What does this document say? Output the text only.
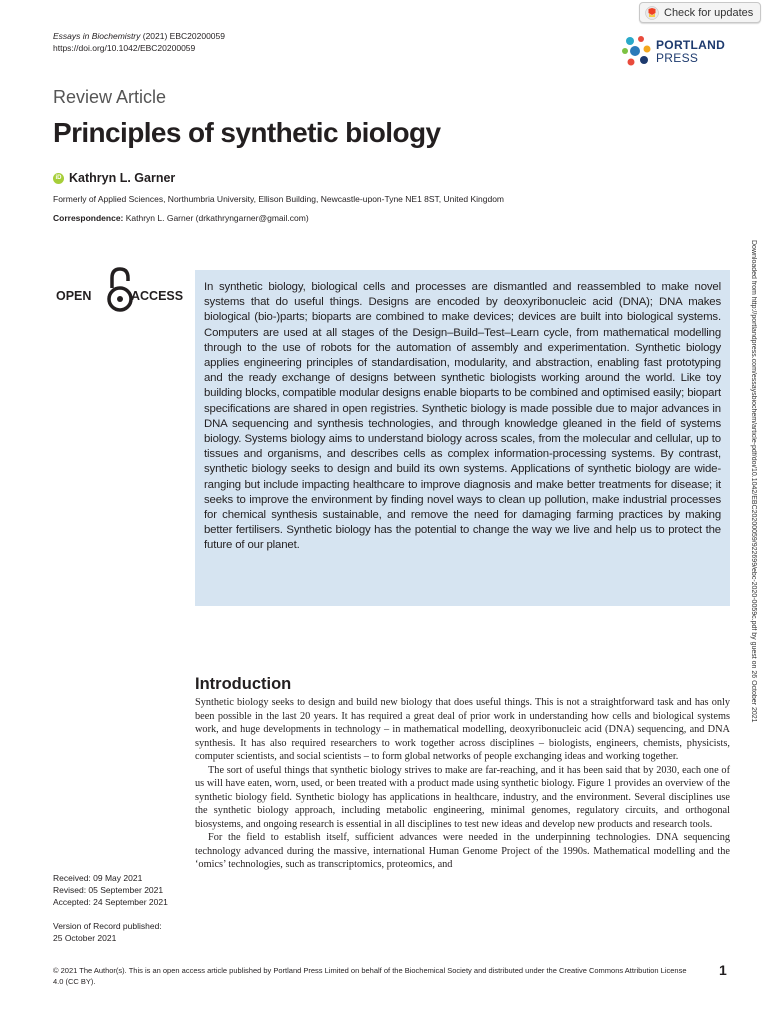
Essays in Biochemistry (2021) EBC20200059
https://doi.org/10.1042/EBC20200059
Check for updates
PORTLAND
PRESS
Review Article
Principles of synthetic biology
iD Kathryn L. Garner
Formerly of Applied Sciences, Northumbria University, Ellison Building, Newcastle-upon-Tyne NE1 8ST, United Kingdom
Correspondence: Kathryn L. Garner (drkathryngarner@gmail.com)
OPEN	ACCESS
In synthetic biology, biological cells and processes are dismantled and reassembled to make novel systems that do useful things. Designs are encoded by deoxyribonucleic acid (DNA); DNA makes biological (bio-)parts; bioparts are combined to make devices; devices are built into biological systems. Computers are used at all stages of the Design–Build–Test–Learn cycle, from mathematical modelling through to the use of robots for the automation of assembly and experimentation. Synthetic biology applies engineering principles of standardisation, modularity, and abstraction, enabling fast prototyping and the ready exchange of designs between synthetic biologists working around the world. Like toy building blocks, compatible modular designs enable bioparts to be combined and optimised easily; biopart specifications are shared in open registries. Synthetic biology is made possible due to major advances in DNA sequencing and synthesis technologies, and through knowledge gleaned in the field of systems biology. Systems biology aims to understand biology across scales, from the molecular and cellular, up to tissues and organisms, and describes cells as complex information-processing systems. By contrast, synthetic biology seeks to design and build its own systems. Applications of synthetic biology are wide-ranging but include impacting healthcare to improve diagnosis and make better treatments for disease; it seeks to improve the environment by finding novel ways to clean up pollution, make industrial processes for chemical synthesis sustainable, and remove the need for damaging farming practices by making better fertilisers. Synthetic biology has the potential to change the way we live and help us to protect the future of our planet.	Downloaded from http://portlandpress.com/essaysbiochem/article-pdf/doi/10.1042/EBC20200059/922699/ebc-2020-0059c.pdf by guest on 26 October 2021
Introduction

Synthetic biology seeks to design and build new biology that does useful things. This is not a straightforward task and has only been possible in the last 20 years. It has required a great deal of prior work in understanding how cells and biological systems work, and huge developments in technology – in mathematical modelling, deoxyribonucleic acid (DNA) sequencing, and DNA synthesis. It has also required researchers to work together across disciplines – biologists, engineers, chemists, physicists, computer scientists, and social scientists – to form global networks of people exchanging ideas and working together.

The sort of useful things that synthetic biology strives to make are far-reaching, and it has been said that by 2030, each one of us will have eaten, worn, used, or been treated with a product made using synthetic biology. Figure 1 provides an overview of the synthetic biology field. Synthetic biology has applications in healthcare, industry, and the environment. Several disciplines use the synthetic biology approach, including metabolic engineering, minimal genomes, regulatory circuits, and orthogonal biosystems, and ongoing research is essential in all disciplines to test new ideas and develop new products and research tools.

For the field to establish itself, sufficient advances were needed in the underpinning technologies. DNA sequencing technology advanced during the massive, international Human Genome Project of the 1990s. Mathematical modelling and the ‘omics’ technologies, such as transcriptomics, proteomics, and

Received: 09 May 2021
Revised: 05 September 2021
Accepted: 24 September 2021
Version of Record published:
25 October 2021
© 2021 The Author(s). This is an open access article published by Portland Press Limited on behalf of the Biochemical Society and distributed under the Creative Commons Attribution License 4.0 (CC BY).
1
